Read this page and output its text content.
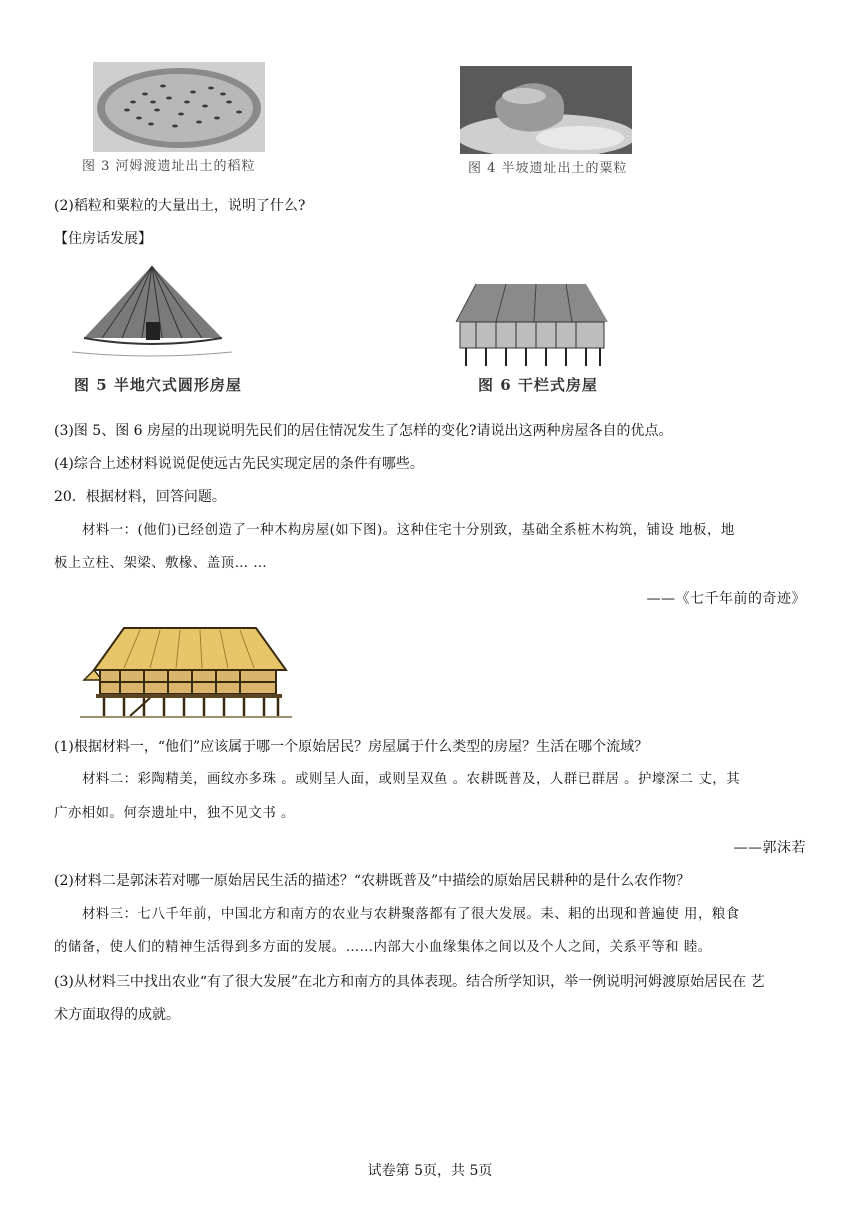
图 3 河姆渡遗址出土的稻粒	图 4 半坡遗址出土的粟粒
(2)稻粒和粟粒的大量出土，说明了什么?
【住房话发展】
图 5 半地穴式圆形房屋	图 6 干栏式房屋
(3)图 5、图 6 房屋的出现说明先民们的居住情况发生了怎样的变化?请说出这两种房屋各自的优点。
(4)综合上述材料说说促使远古先民实现定居的条件有哪些。
20．根据材料，回答问题。
材料一：(他们)已经创造了一种木构房屋(如下图)。这种住宅十分别致，基础全系桩木构筑，铺设 地板，地
板上立柱、架梁、敷椽、盖顶… …
——《七千年前的奇迹》
(1)根据材料一，“他们”应该属于哪一个原始居民？房屋属于什么类型的房屋？生活在哪个流域？
材料二：彩陶精美，画纹亦多珠 。或则呈人面，或则呈双鱼 。农耕既普及，人群已群居 。护壕深二 丈，其
广亦相如。何奈遗址中，独不见文书 。
——郭沫若
(2)材料二是郭沫若对哪一原始居民生活的描述？“农耕既普及”中描绘的原始居民耕种的是什么农作物？
材料三：七八千年前，中国北方和南方的农业与农耕聚落都有了很大发展。耒、耜的出现和普遍使 用，粮食
的储备，使人们的精神生活得到多方面的发展。……内部大小血缘集体之间以及个人之间，关系平等和 睦。
(3)从材料三中找出农业“有了很大发展”在北方和南方的具体表现。结合所学知识，举一例说明河姆渡原始居民在 艺
术方面取得的成就。
试卷第 5页，共 5页
